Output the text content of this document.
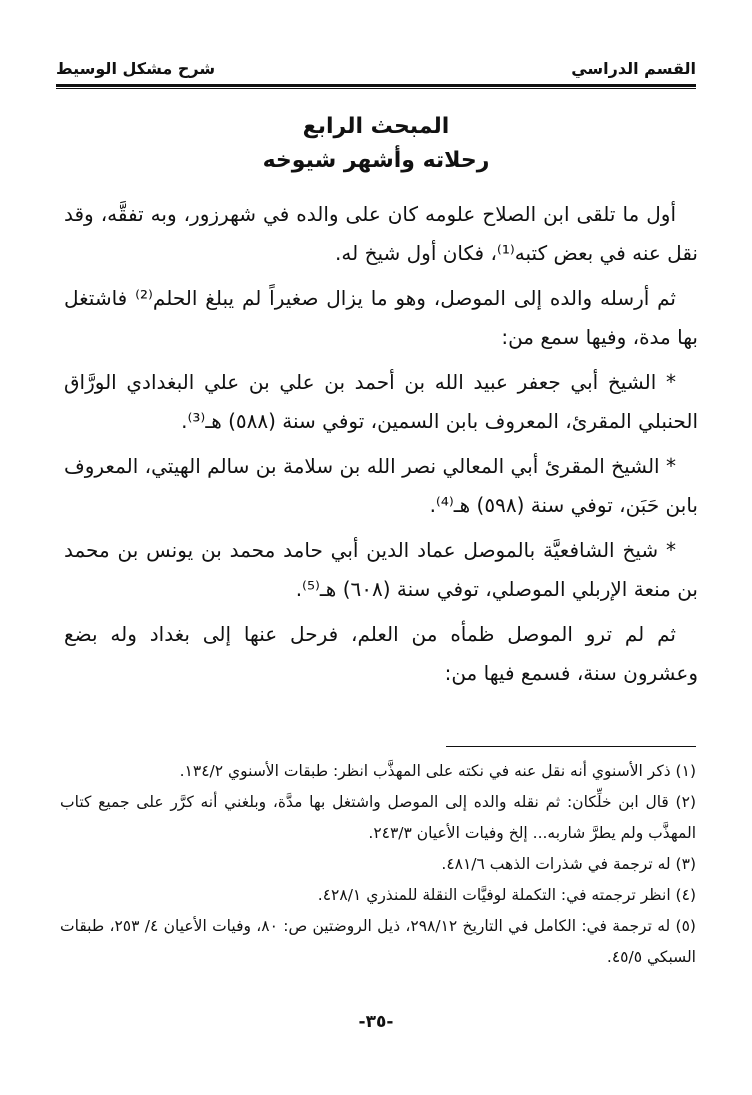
شرح مشكل الوسيط	القسم الدراسي
المبحث الرابع
رحلاته وأشهر شيوخه

أول ما تلقى ابن الصلاح علومه كان على والده في شهرزور، وبه تفقَّه، وقد نقل عنه في بعض كتبه⁽¹⁾، فكان أول شيخ له.

ثم أرسله والده إلى الموصل، وهو ما يزال صغيراً لم يبلغ الحلم⁽²⁾ فاشتغل بها مدة، وفيها سمع من:

* الشيخ أبي جعفر عبيد الله بن أحمد بن علي بن علي البغدادي الورَّاق الحنبلي المقرئ، المعروف بابن السمين، توفي سنة (٥٨٨) هـ⁽³⁾.

* الشيخ المقرئ أبي المعالي نصر الله بن سلامة بن سالم الهيتي، المعروف بابن حَبَن، توفي سنة (٥٩٨) هـ⁽⁴⁾.

* شيخ الشافعيَّة بالموصل عماد الدين أبي حامد محمد بن يونس بن محمد بن منعة الإربلي الموصلي، توفي سنة (٦٠٨) هـ⁽⁵⁾.

ثم لم ترو الموصل ظمأه من العلم، فرحل عنها إلى بغداد وله بضع وعشرون سنة، فسمع فيها من:

(١) ذكر الأسنوي أنه نقل عنه في نكته على المهذَّب انظر: طبقات الأسنوي ١٣٤/٢.

(٢) قال ابن خلِّكان: ثم نقله والده إلى الموصل واشتغل بها مدَّة، وبلغني أنه كرَّر على جميع كتاب المهذَّب ولم يطرَّ شاربه... إلخ وفيات الأعيان ٢٤٣/٣.

(٣) له ترجمة في شذرات الذهب ٤٨١/٦.

(٤) انظر ترجمته في: التكملة لوفيَّات النقلة للمنذري ٤٢٨/١.

(٥) له ترجمة في: الكامل في التاريخ ٢٩٨/١٢، ذيل الروضتين ص: ٨٠، وفيات الأعيان ٤/ ٢٥٣، طبقات السبكي ٤٥/٥.

-٣٥-
